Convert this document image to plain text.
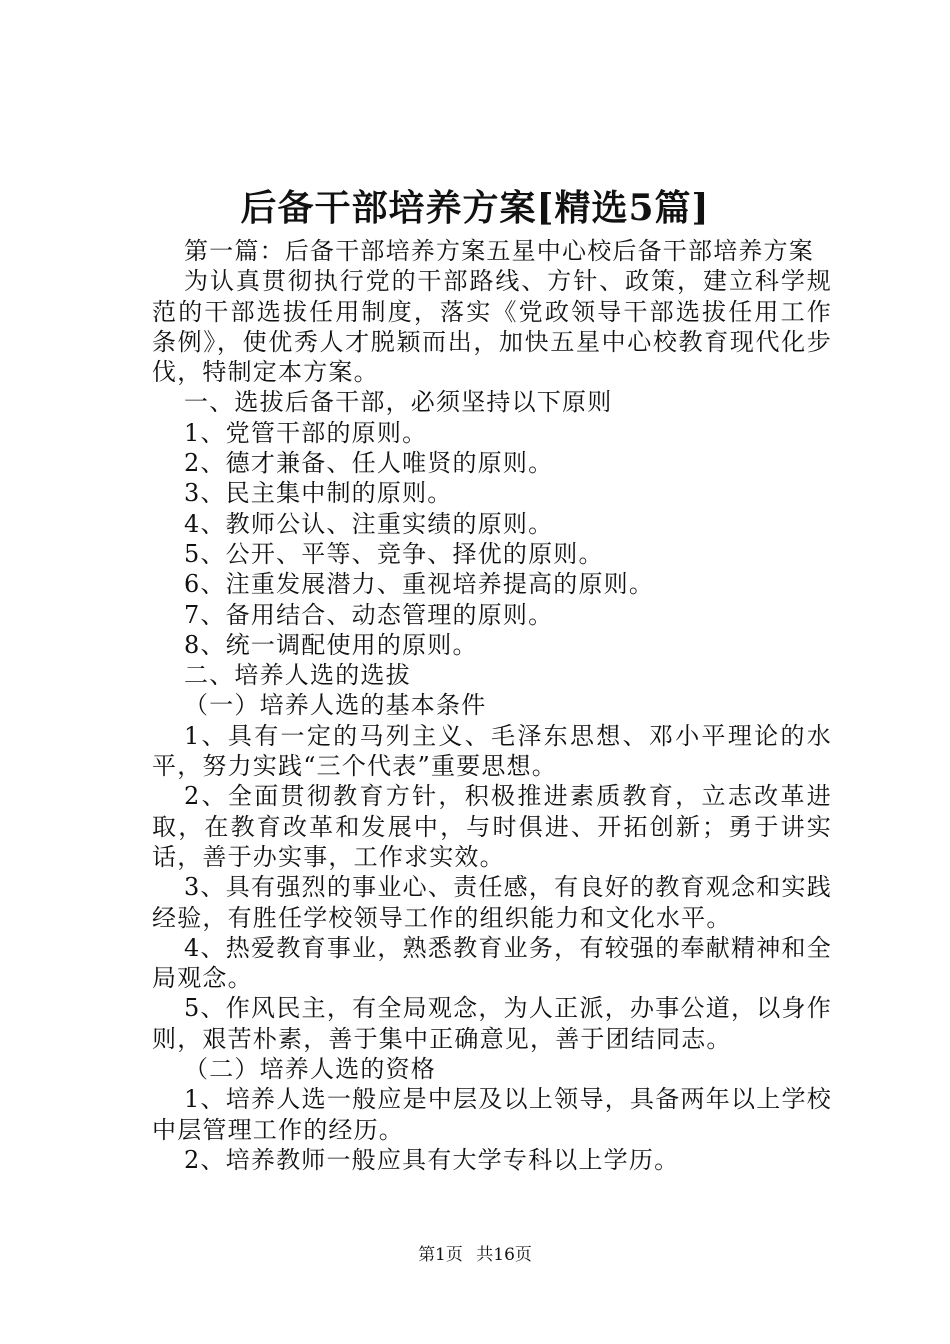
后备干部培养方案[精选5篇]

第一篇：后备干部培养方案五星中心校后备干部培养方案

为认真贯彻执行党的干部路线、方针、政策，建立科学规范的干部选拔任用制度，落实《党政领导干部选拔任用工作条例》，使优秀人才脱颖而出，加快五星中心校教育现代化步伐，特制定本方案。

一、选拔后备干部，必须坚持以下原则

1、党管干部的原则。

2、德才兼备、任人唯贤的原则。

3、民主集中制的原则。

4、教师公认、注重实绩的原则。

5、公开、平等、竞争、择优的原则。

6、注重发展潜力、重视培养提高的原则。

7、备用结合、动态管理的原则。

8、统一调配使用的原则。

二、培养人选的选拔

（一）培养人选的基本条件

1、具有一定的马列主义、毛泽东思想、邓小平理论的水平，努力实践“三个代表”重要思想。

2、全面贯彻教育方针，积极推进素质教育，立志改革进取，在教育改革和发展中，与时俱进、开拓创新；勇于讲实话，善于办实事，工作求实效。

3、具有强烈的事业心、责任感，有良好的教育观念和实践经验，有胜任学校领导工作的组织能力和文化水平。

4、热爱教育事业，熟悉教育业务，有较强的奉献精神和全局观念。

5、作风民主，有全局观念，为人正派，办事公道，以身作则，艰苦朴素，善于集中正确意见，善于团结同志。

（二）培养人选的资格

1、培养人选一般应是中层及以上领导，具备两年以上学校中层管理工作的经历。

2、培养教师一般应具有大学专科以上学历。

第1页 共16页
